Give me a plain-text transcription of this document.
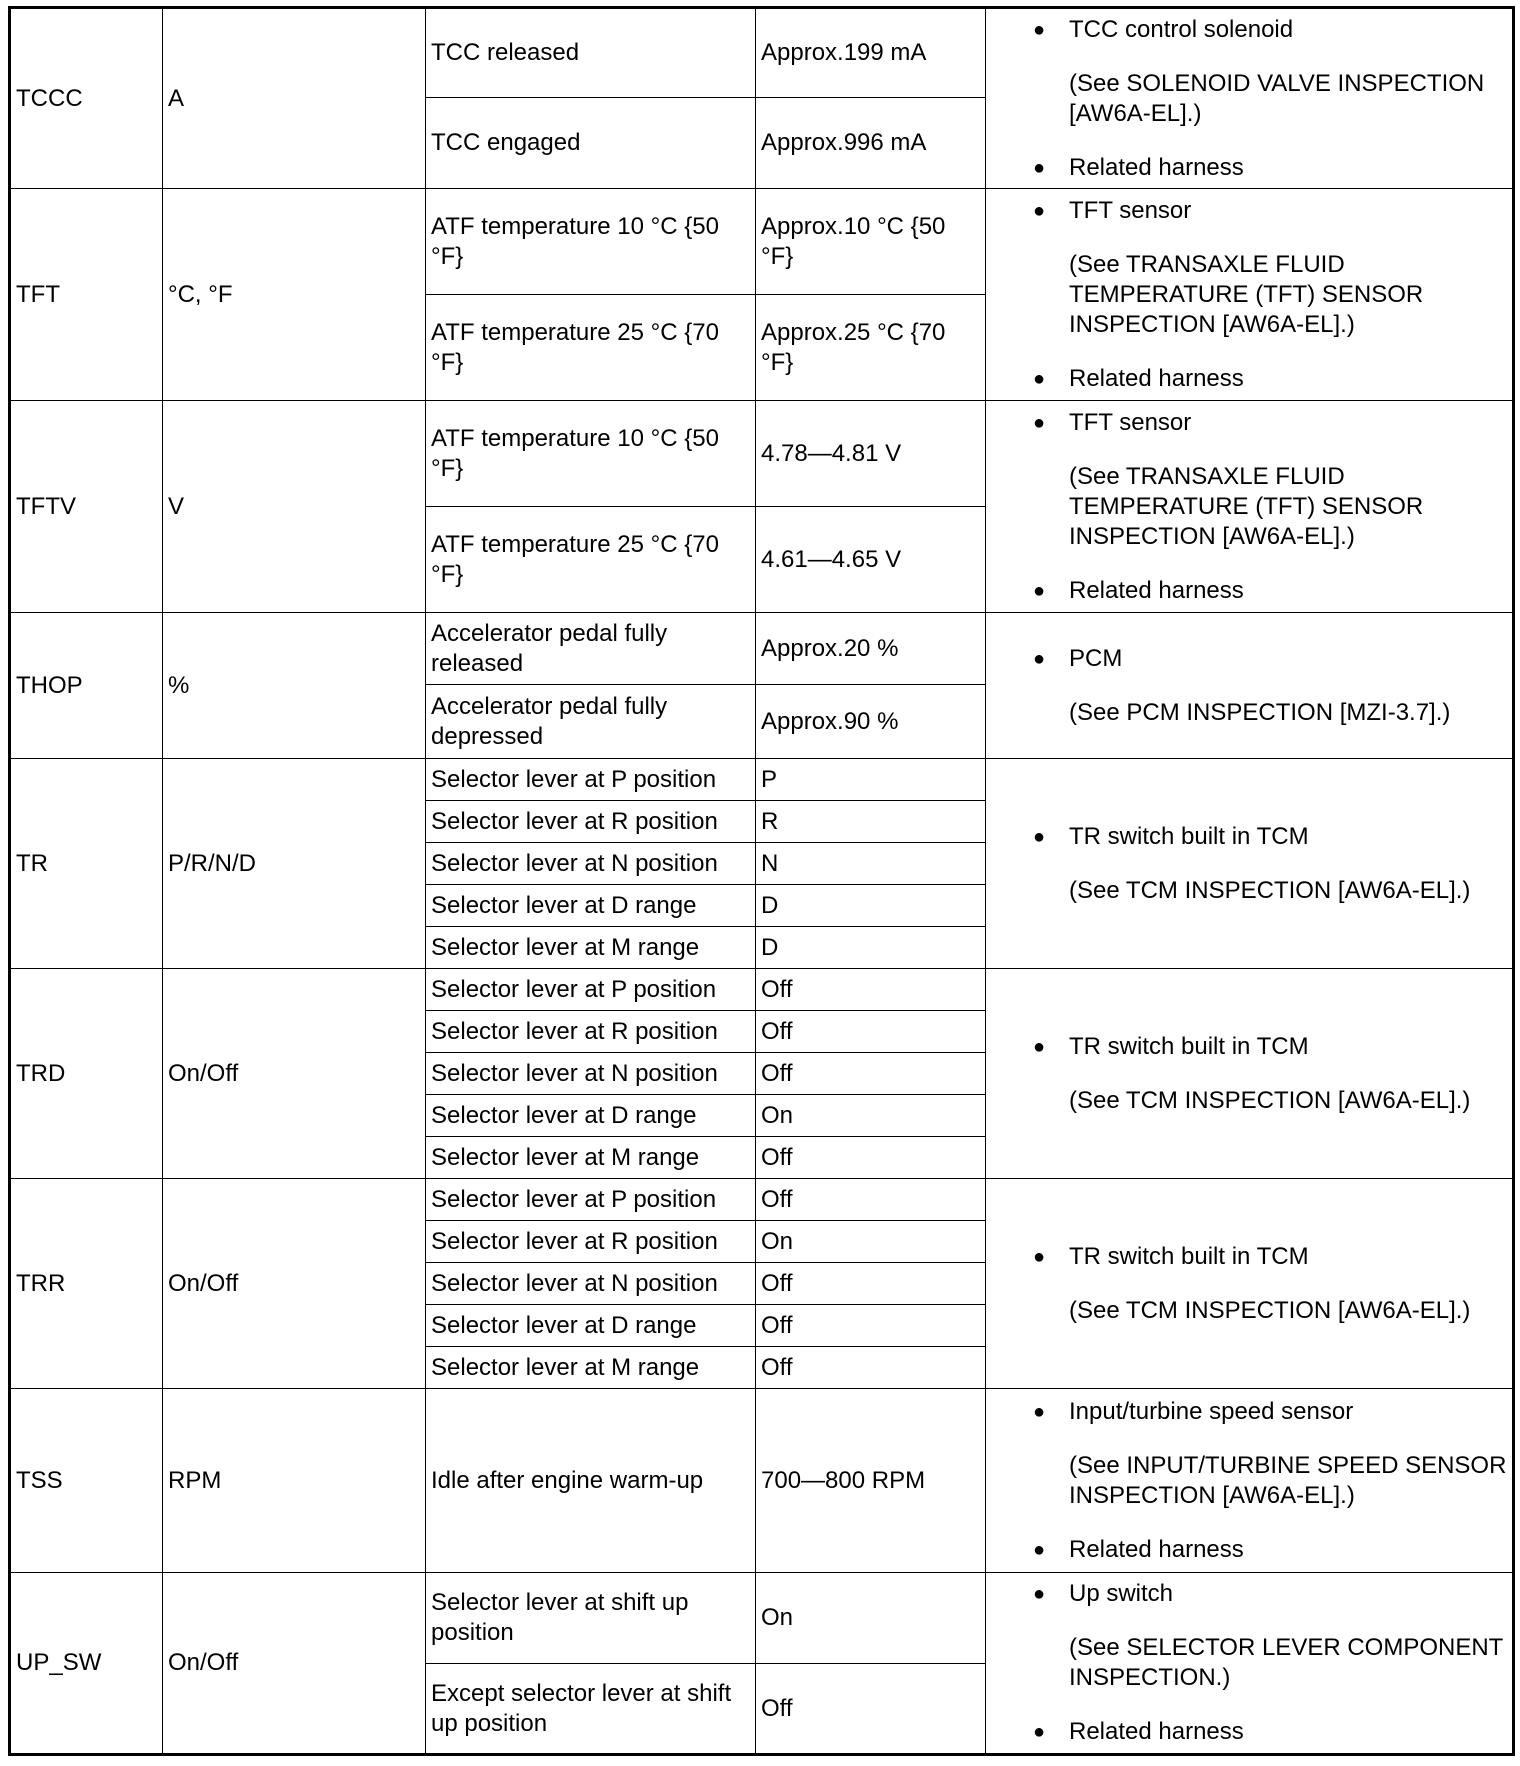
TCCC	A	TCC released	Approx.199 mA	● TCC control solenoid
(See SOLENOID VALVE INSPECTION [AW6A-EL].)
● Related harness

		TCC engaged	Approx.996 mA	
TFT	°C, °F	ATF temperature 10 °C {50 °F}	Approx.10 °C {50 °F}	● TFT sensor
(See TRANSAXLE FLUID TEMPERATURE (TFT) SENSOR INSPECTION [AW6A-EL].)
● Related harness

		ATF temperature 25 °C {70 °F}	Approx.25 °C {70 °F}	
TFTV	V	ATF temperature 10 °C {50 °F}	4.78—4.81 V	● TFT sensor
(See TRANSAXLE FLUID TEMPERATURE (TFT) SENSOR INSPECTION [AW6A-EL].)
● Related harness

		ATF temperature 25 °C {70 °F}	4.61—4.65 V	
THOP	%	Accelerator pedal fully released	Approx.20 %	● PCM
(See PCM INSPECTION [MZI-3.7].)

		Accelerator pedal fully depressed	Approx.90 %	
TR	P/R/N/D	Selector lever at P position	P	● TR switch built in TCM
(See TCM INSPECTION [AW6A-EL].)

		Selector lever at R position	R	
		Selector lever at N position	N	
		Selector lever at D range	D	
		Selector lever at M range	D	
TRD	On/Off	Selector lever at P position	Off	● TR switch built in TCM
(See TCM INSPECTION [AW6A-EL].)

		Selector lever at R position	Off	
		Selector lever at N position	Off	
		Selector lever at D range	On	
		Selector lever at M range	Off	
TRR	On/Off	Selector lever at P position	Off	● TR switch built in TCM
(See TCM INSPECTION [AW6A-EL].)

		Selector lever at R position	On	
		Selector lever at N position	Off	
		Selector lever at D range	Off	
		Selector lever at M range	Off	
TSS	RPM	Idle after engine warm-up	700—800 RPM	● Input/turbine speed sensor
(See INPUT/TURBINE SPEED SENSOR INSPECTION [AW6A-EL].)
● Related harness

UP_SW	On/Off	Selector lever at shift up position	On	● Up switch
(See SELECTOR LEVER COMPONENT INSPECTION.)
● Related harness

		Except selector lever at shift up position	Off	
